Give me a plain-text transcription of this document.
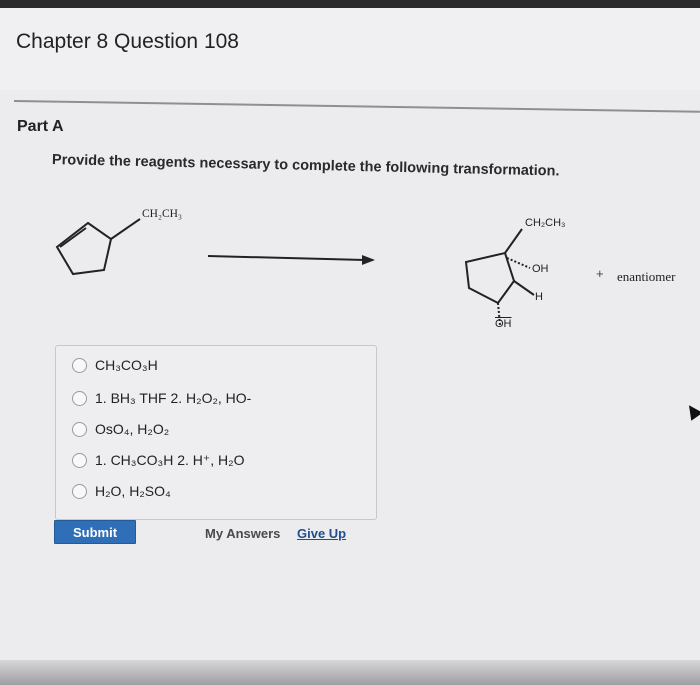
Chapter 8 Question 108
Part A
Provide the reagents necessary to complete the following transformation.
CH₂CH₃
CH₂CH₃
OH
H
$\overline{OH}$
+ enantiomer
CH₃CO₃H
1. BH₃ THF 2. H₂O₂, HO-
OsO₄, H₂O₂
1. CH₃CO₃H 2. H⁺, H₂O
H₂O, H₂SO₄
Submit	My Answers Give Up
